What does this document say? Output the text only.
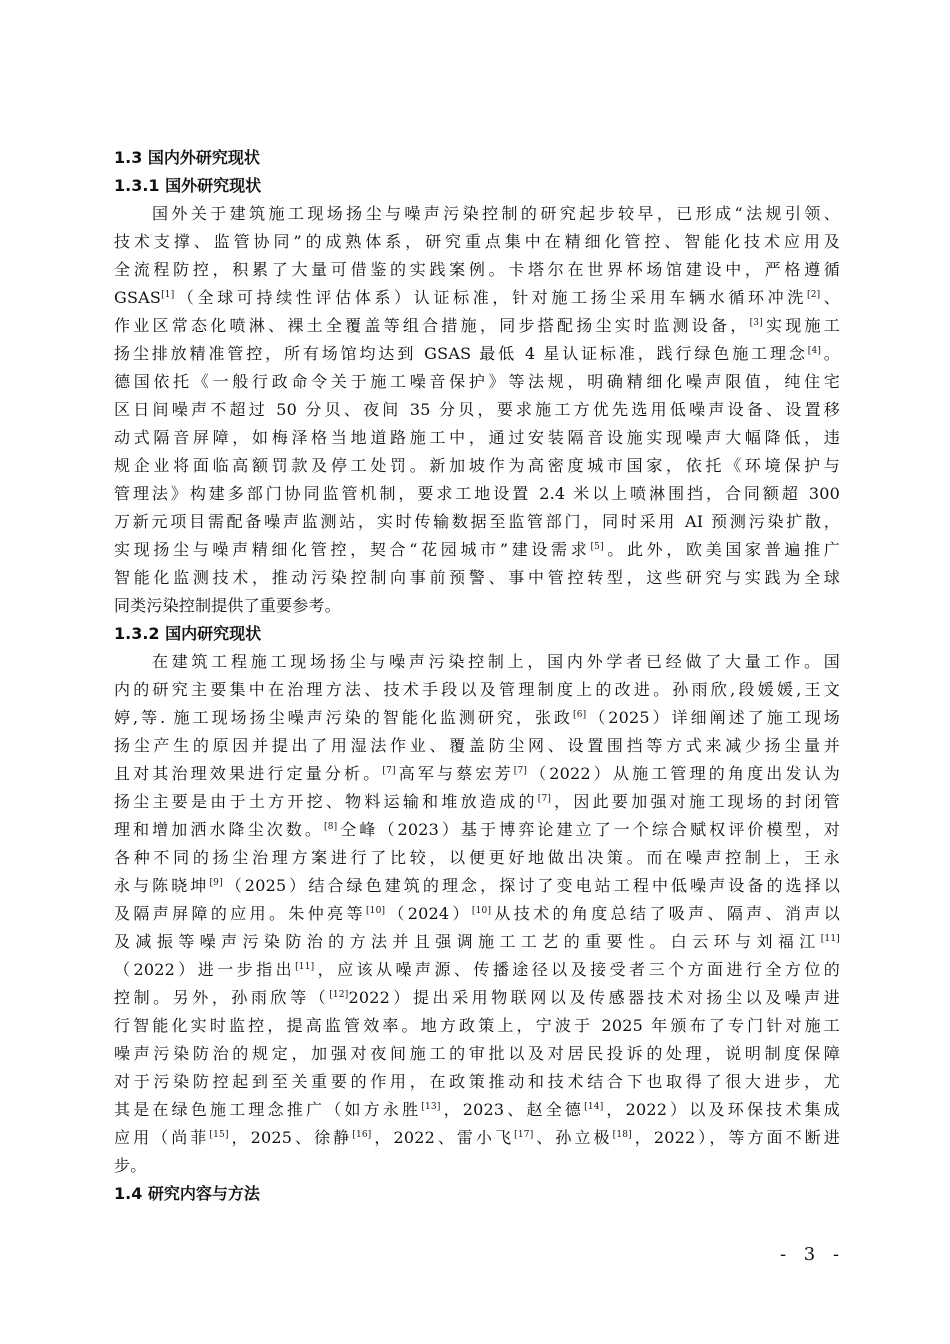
1.3 国内外研究现状
1.3.1 国外研究现状
国外关于建筑施工现场扬尘与噪声污染控制的研究起步较早，已形成“法规引领、
技术支撑、监管协同”的成熟体系，研究重点集中在精细化管控、智能化技术应用及
全流程防控，积累了大量可借鉴的实践案例。卡塔尔在世界杯场馆建设中，严格遵循
GSAS[1]（全球可持续性评估体系）认证标准，针对施工扬尘采用车辆水循环冲洗[2]、
作业区常态化喷淋、裸土全覆盖等组合措施，同步搭配扬尘实时监测设备，[3]实现施工
扬尘排放精准管控，所有场馆均达到 GSAS 最低 4 星认证标准，践行绿色施工理念[4]。
德国依托《一般行政命令关于施工噪音保护》等法规，明确精细化噪声限值，纯住宅
区日间噪声不超过 50 分贝、夜间 35 分贝，要求施工方优先选用低噪声设备、设置移
动式隔音屏障，如梅泽格当地道路施工中，通过安装隔音设施实现噪声大幅降低，违
规企业将面临高额罚款及停工处罚。新加坡作为高密度城市国家，依托《环境保护与
管理法》构建多部门协同监管机制，要求工地设置 2.4 米以上喷淋围挡，合同额超 300
万新元项目需配备噪声监测站，实时传输数据至监管部门，同时采用 AI 预测污染扩散，
实现扬尘与噪声精细化管控，契合“花园城市”建设需求[5]。此外，欧美国家普遍推广
智能化监测技术，推动污染控制向事前预警、事中管控转型，这些研究与实践为全球
同类污染控制提供了重要参考。
1.3.2 国内研究现状
在建筑工程施工现场扬尘与噪声污染控制上，国内外学者已经做了大量工作。国
内的研究主要集中在治理方法、技术手段以及管理制度上的改进。孙雨欣,段媛媛,王文
婷,等. 施工现场扬尘噪声污染的智能化监测研究，张政[6]（2025）详细阐述了施工现场
扬尘产生的原因并提出了用湿法作业、覆盖防尘网、设置围挡等方式来减少扬尘量并
且对其治理效果进行定量分析。[7]高军与蔡宏芳[7]（2022）从施工管理的角度出发认为
扬尘主要是由于土方开挖、物料运输和堆放造成的[7]，因此要加强对施工现场的封闭管
理和增加洒水降尘次数。[8]仝峰（2023）基于博弈论建立了一个综合赋权评价模型，对
各种不同的扬尘治理方案进行了比较，以便更好地做出决策。而在噪声控制上，王永
永与陈晓坤[9]（2025）结合绿色建筑的理念，探讨了变电站工程中低噪声设备的选择以
及隔声屏障的应用。朱仲亮等[10]（2024）[10]从技术的角度总结了吸声、隔声、消声以
及减振等噪声污染防治的方法并且强调施工工艺的重要性。白云环与刘福江[11]
（2022）进一步指出[11]，应该从噪声源、传播途径以及接受者三个方面进行全方位的
控制。另外，孙雨欣等（[12]2022）提出采用物联网以及传感器技术对扬尘以及噪声进
行智能化实时监控，提高监管效率。地方政策上，宁波于 2025 年颁布了专门针对施工
噪声污染防治的规定，加强对夜间施工的审批以及对居民投诉的处理，说明制度保障
对于污染防控起到至关重要的作用，在政策推动和技术结合下也取得了很大进步，尤
其是在绿色施工理念推广（如方永胜[13]，2023、赵全德[14]，2022）以及环保技术集成
应用（尚菲[15]，2025、徐静[16]，2022、雷小飞[17]、孙立极[18]，2022），等方面不断进
步。
1.4 研究内容与方法
- 3 -
